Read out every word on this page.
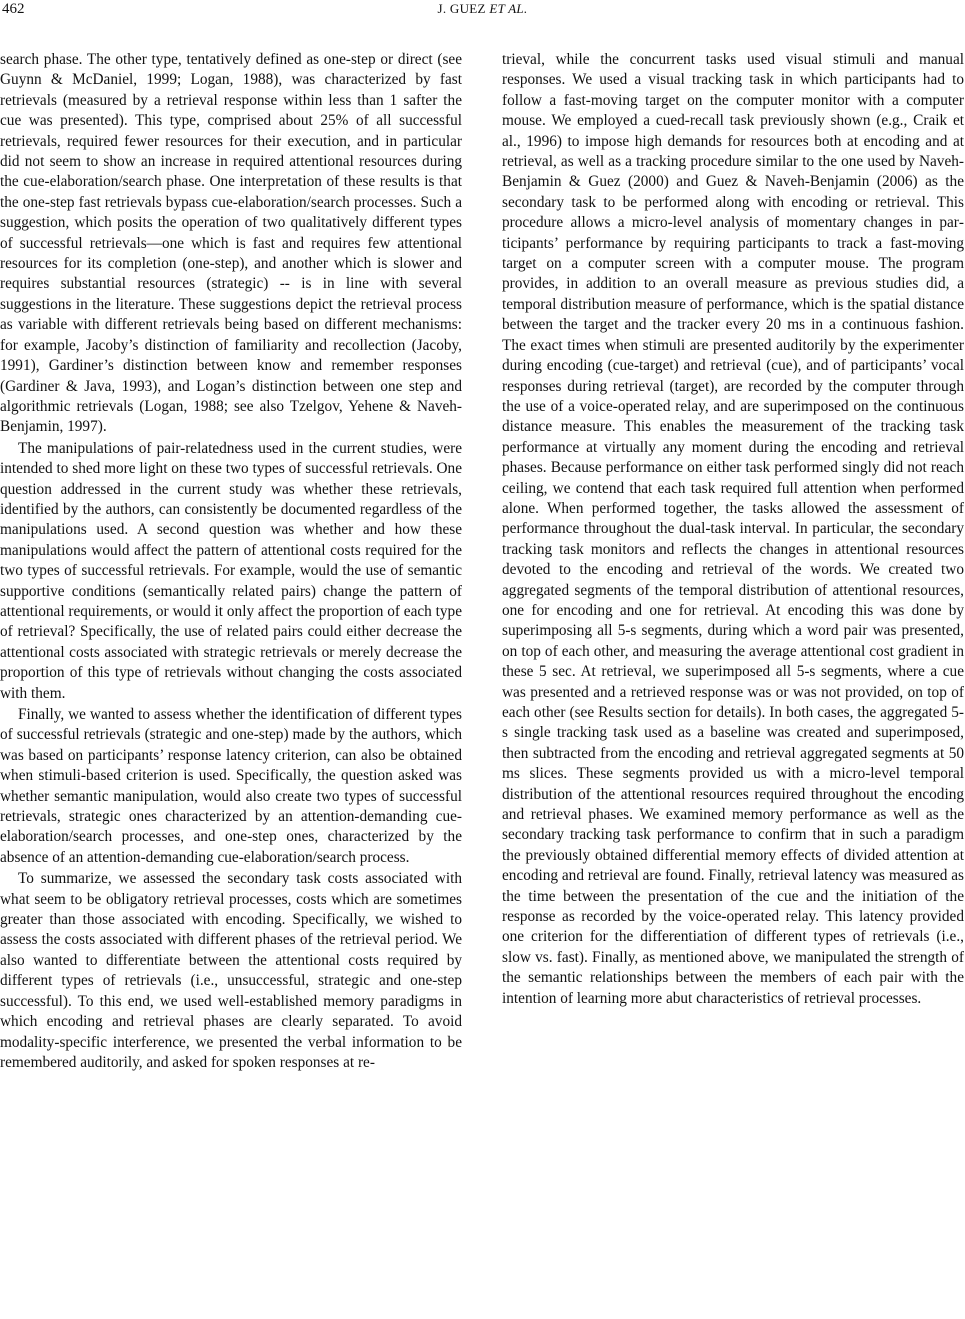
462	J. GUEZ ET AL.

search phase. The other type, tentatively defined as one-step or direct (see Guynn & McDaniel, 1999; Logan, 1988), was characterized by fast retrievals (measured by a retrieval response within less than 1 safter the cue was presented). This type, comprised about 25% of all successful retrievals, required fewer resources for their execution, and in particular did not seem to show an increase in required attentional resources during the cue-elaboration/search phase. One interpretation of these results is that the one-step fast retrievals bypass cue-elaboration/search processes. Such a suggestion, which posits the operation of two qualitatively different types of successful retrievals—one which is fast and requires few attentional resources for its completion (one-step), and another which is slower and requires substantial resources (strategic) -- is in line with several suggestions in the literature. These suggestions depict the retrieval process as variable with different retrievals being based on different mechanisms: for example, Jacoby’s distinction of familiarity and recollection (Jacoby, 1991), Gardiner’s distinction between know and remember responses (Gardiner & Java, 1993), and Logan’s distinction between one step and algorithmic retrievals (Logan, 1988; see also Tzelgov, Yehene & Naveh-Benjamin, 1997).

The manipulations of pair-relatedness used in the current studies, were intended to shed more light on these two types of successful retrievals. One question addressed in the current study was whether these retrievals, identified by the authors, can consistently be documented regardless of the manipulations used. A second question was whether and how these manipulations would affect the pattern of attentional costs required for the two types of successful retrievals. For example, would the use of semantic supportive conditions (semantically related pairs) change the pattern of attentional requirements, or would it only affect the proportion of each type of retrieval? Specifically, the use of related pairs could either decrease the attentional costs associated with strategic retrievals or merely decrease the proportion of this type of retrievals without changing the costs associated with them.

Finally, we wanted to assess whether the identification of different types of successful retrievals (strategic and one-step) made by the authors, which was based on participants’ response latency criterion, can also be obtained when stimuli-based criterion is used. Specifically, the question asked was whether semantic manipulation, would also create two types of successful retrievals, strategic ones characterized by an attention-demanding cue-elaboration/search processes, and one-step ones, characterized by the absence of an attention-demanding cue-elaboration/search process.

To summarize, we assessed the secondary task costs associated with what seem to be obligatory retrieval processes, costs which are sometimes greater than those associated with encoding. Specifically, we wished to assess the costs associated with different phases of the retrieval period. We also wanted to differentiate between the attentional costs required by different types of retrievals (i.e., unsuccessful, strategic and one-step successful). To this end, we used well-established memory paradigms in which encoding and retrieval phases are clearly separated. To avoid modality-specific interference, we presented the verbal information to be remembered auditorily, and asked for spoken responses at re-

trieval, while the concurrent tasks used visual stimuli and manual responses. We used a visual tracking task in which participants had to follow a fast-moving target on the computer monitor with a computer mouse. We employed a cued-recall task previously shown (e.g., Craik et al., 1996) to impose high demands for resources both at encoding and at retrieval, as well as a tracking procedure similar to the one used by Naveh-Benjamin & Guez (2000) and Guez & Naveh-Benjamin (2006) as the secondary task to be performed along with encoding or retrieval. This procedure allows a micro-level analysis of momentary changes in participants’ performance by requiring participants to track a fast-moving target on a computer screen with a computer mouse. The program provides, in addition to an overall measure as previous studies did, a temporal distribution measure of performance, which is the spatial distance between the target and the tracker every 20 ms in a continuous fashion. The exact times when stimuli are presented auditorily by the experimenter during encoding (cue-target) and retrieval (cue), and of participants’ vocal responses during retrieval (target), are recorded by the computer through the use of a voice-operated relay, and are superimposed on the continuous distance measure. This enables the measurement of the tracking task performance at virtually any moment during the encoding and retrieval phases. Because performance on either task performed singly did not reach ceiling, we contend that each task required full attention when performed alone. When performed together, the tasks allowed the assessment of performance throughout the dual-task interval. In particular, the secondary tracking task monitors and reflects the changes in attentional resources devoted to the encoding and retrieval of the words. We created two aggregated segments of the temporal distribution of attentional resources, one for encoding and one for retrieval. At encoding this was done by superimposing all 5-s segments, during which a word pair was presented, on top of each other, and measuring the average attentional cost gradient in these 5 sec. At retrieval, we superimposed all 5-s segments, where a cue was presented and a retrieved response was or was not provided, on top of each other (see Results section for details). In both cases, the aggregated 5-s single tracking task used as a baseline was created and superimposed, then subtracted from the encoding and retrieval aggregated segments at 50 ms slices. These segments provided us with a micro-level temporal distribution of the attentional resources required throughout the encoding and retrieval phases. We examined memory performance as well as the secondary tracking task performance to confirm that in such a paradigm the previously obtained differential memory effects of divided attention at encoding and retrieval are found. Finally, retrieval latency was measured as the time between the presentation of the cue and the initiation of the response as recorded by the voice-operated relay. This latency provided one criterion for the differentiation of different types of retrievals (i.e., slow vs. fast). Finally, as mentioned above, we manipulated the strength of the semantic relationships between the members of each pair with the intention of learning more abut characteristics of retrieval processes.
